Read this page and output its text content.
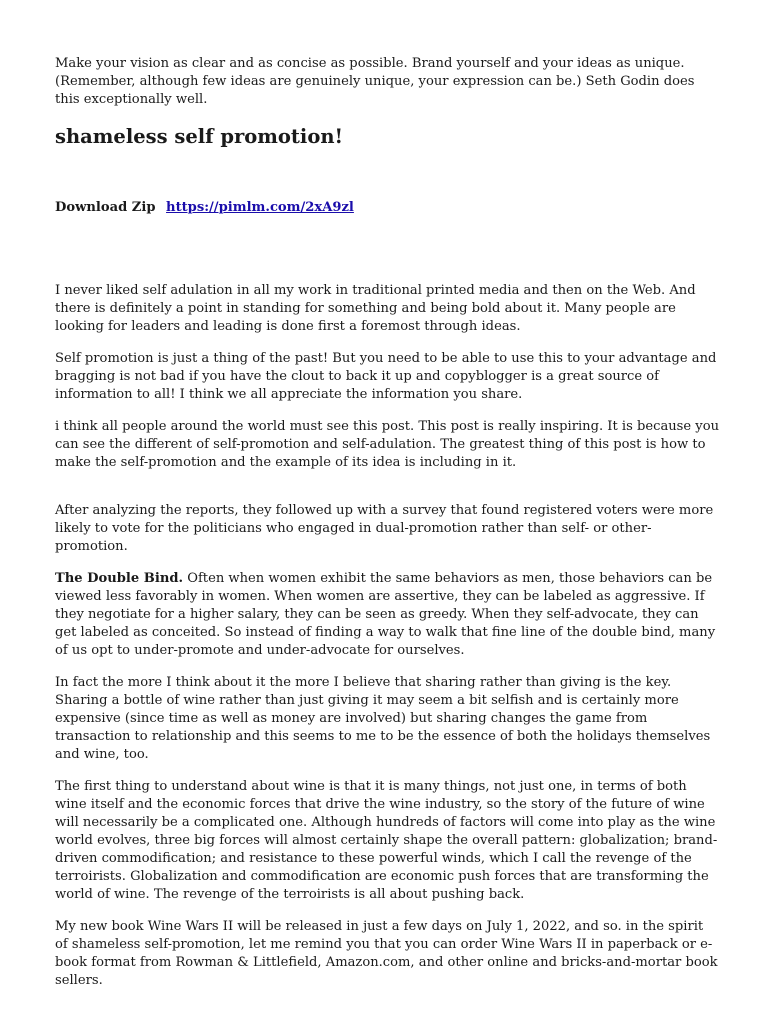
Make your vision as clear and as concise as possible. Brand yourself and your ideas as unique. (Remember, although few ideas are genuinely unique, your expression can be.) Seth Godin does this exceptionally well.

shameless self promotion!
Download Zip https://pimlm.com/2xA9zl

I never liked self adulation in all my work in traditional printed media and then on the Web. And there is definitely a point in standing for something and being bold about it. Many people are looking for leaders and leading is done first a foremost through ideas.

Self promotion is just a thing of the past! But you need to be able to use this to your advantage and bragging is not bad if you have the clout to back it up and copyblogger is a great source of information to all! I think we all appreciate the information you share.

i think all people around the world must see this post. This post is really inspiring. It is because you can see the different of self-promotion and self-adulation. The greatest thing of this post is how to make the self-promotion and the example of its idea is including in it.

After analyzing the reports, they followed up with a survey that found registered voters were more likely to vote for the politicians who engaged in dual-promotion rather than self- or other-promotion.

The Double Bind. Often when women exhibit the same behaviors as men, those behaviors can be viewed less favorably in women. When women are assertive, they can be labeled as aggressive. If they negotiate for a higher salary, they can be seen as greedy. When they self-advocate, they can get labeled as conceited. So instead of finding a way to walk that fine line of the double bind, many of us opt to under-promote and under-advocate for ourselves.

In fact the more I think about it the more I believe that sharing rather than giving is the key. Sharing a bottle of wine rather than just giving it may seem a bit selfish and is certainly more expensive (since time as well as money are involved) but sharing changes the game from transaction to relationship and this seems to me to be the essence of both the holidays themselves and wine, too.

The first thing to understand about wine is that it is many things, not just one, in terms of both wine itself and the economic forces that drive the wine industry, so the story of the future of wine will necessarily be a complicated one. Although hundreds of factors will come into play as the wine world evolves, three big forces will almost certainly shape the overall pattern: globalization; brand-driven commodification; and resistance to these powerful winds, which I call the revenge of the terroirists. Globalization and commodification are economic push forces that are transforming the world of wine. The revenge of the terroirists is all about pushing back.

My new book Wine Wars II will be released in just a few days on July 1, 2022, and so. in the spirit of shameless self-promotion, let me remind you that you can order Wine Wars II in paperback or e-book format from Rowman & Littlefield, Amazon.com, and other online and bricks-and-mortar book sellers.
